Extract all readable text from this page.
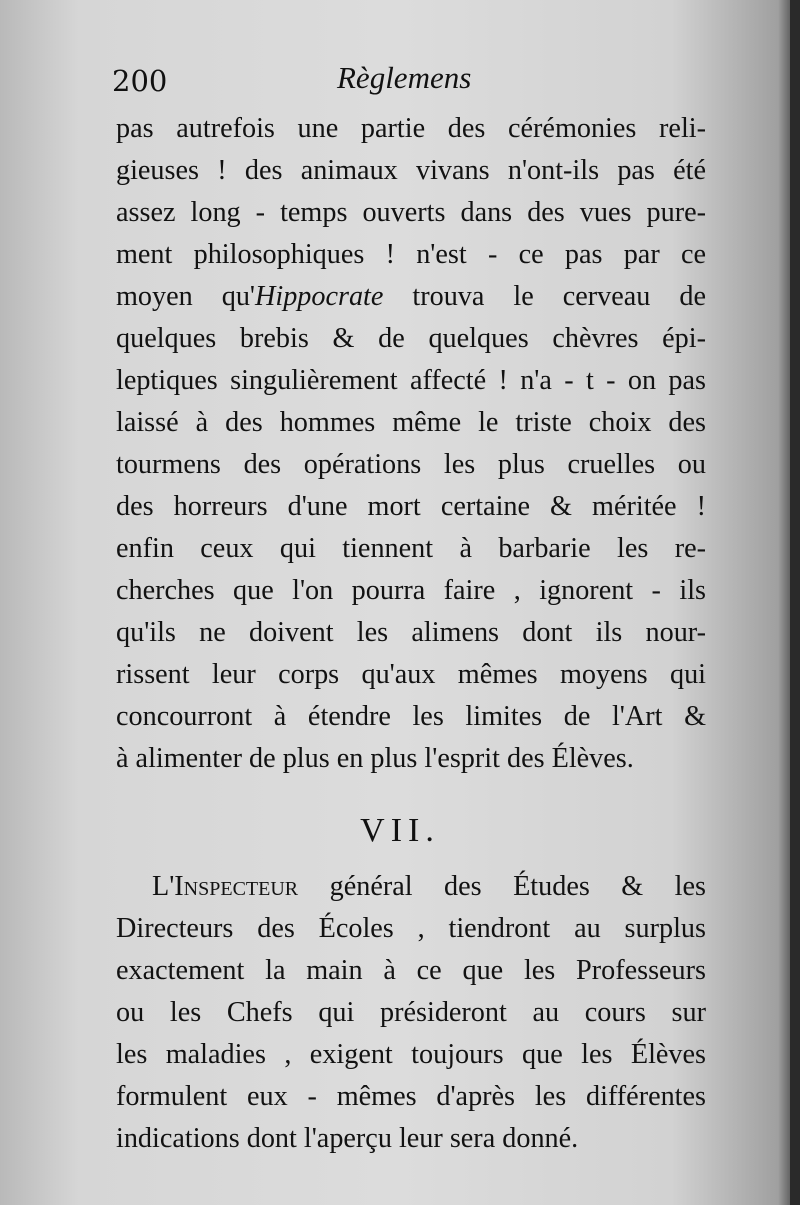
200	Règlemens
pas autrefois une partie des cérémonies reli-
gieuses ! des animaux vivans n'ont-ils pas été
assez long - temps ouverts dans des vues pure-
ment philosophiques ! n'est - ce pas par ce
moyen qu'Hippocrate trouva le cerveau de
quelques brebis & de quelques chèvres épi-
leptiques singulièrement affecté ! n'a - t - on pas
laissé à des hommes même le triste choix des
tourmens des opérations les plus cruelles ou
des horreurs d'une mort certaine & méritée !
enfin ceux qui tiennent à barbarie les re-
cherches que l'on pourra faire , ignorent - ils
qu'ils ne doivent les alimens dont ils nour-
rissent leur corps qu'aux mêmes moyens qui
concourront à étendre les limites de l'Art &
à alimenter de plus en plus l'esprit des Élèves.
VII.
L'Inspecteur général des Études & les
Directeurs des Écoles , tiendront au surplus
exactement la main à ce que les Professeurs
ou les Chefs qui présideront au cours sur
les maladies , exigent toujours que les Élèves
formulent eux - mêmes d'après les différentes
indications dont l'aperçu leur sera donné.
